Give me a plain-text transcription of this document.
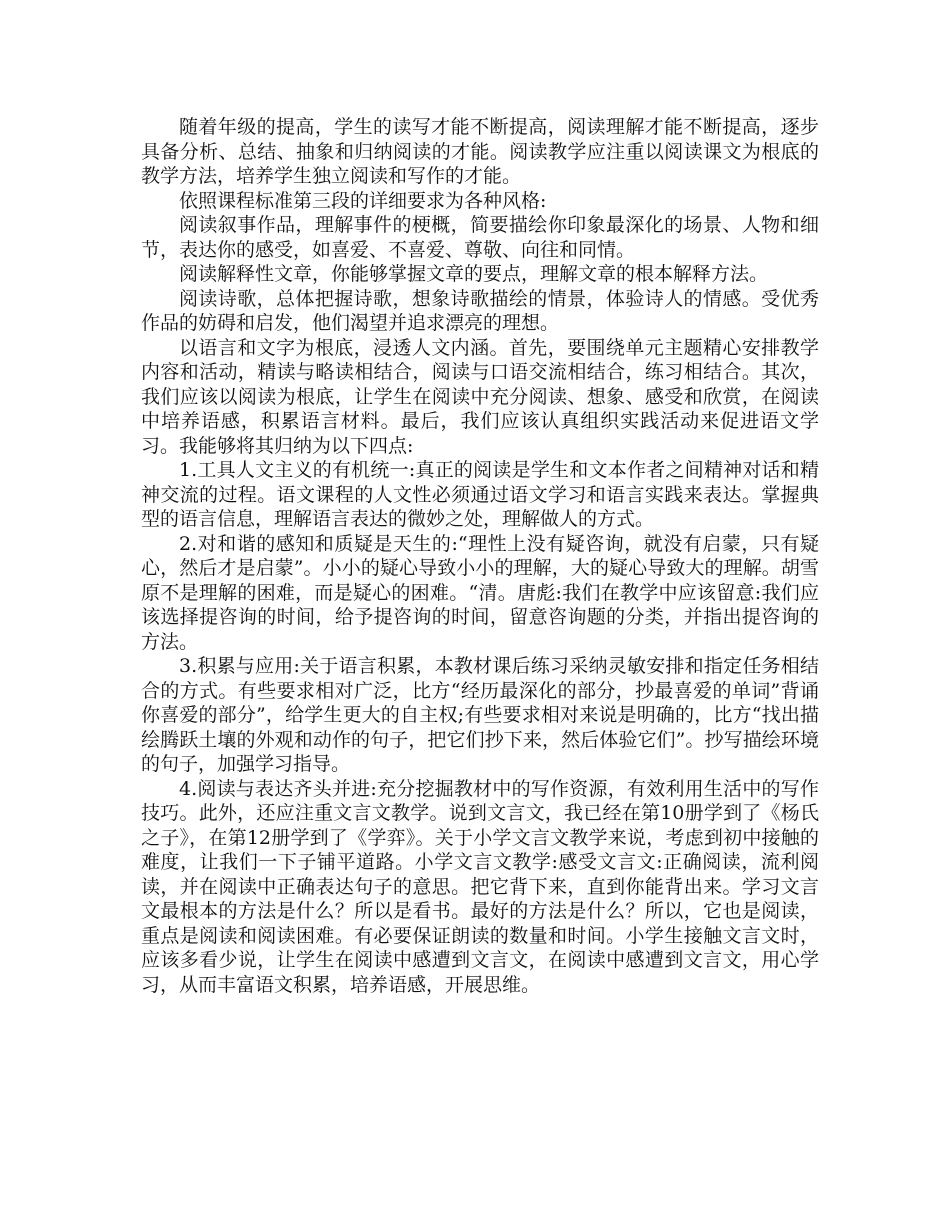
随着年级的提高，学生的读写才能不断提高，阅读理解才能不断提高，逐步具备分析、总结、抽象和归纳阅读的才能。阅读教学应注重以阅读课文为根底的教学方法，培养学生独立阅读和写作的才能。

依照课程标准第三段的详细要求为各种风格:

阅读叙事作品，理解事件的梗概，简要描绘你印象最深化的场景、人物和细节，表达你的感受，如喜爱、不喜爱、尊敬、向往和同情。

阅读解释性文章，你能够掌握文章的要点，理解文章的根本解释方法。

阅读诗歌，总体把握诗歌，想象诗歌描绘的情景，体验诗人的情感。受优秀作品的妨碍和启发，他们渴望并追求漂亮的理想。

以语言和文字为根底，浸透人文内涵。首先，要围绕单元主题精心安排教学内容和活动，精读与略读相结合，阅读与口语交流相结合，练习相结合。其次，我们应该以阅读为根底，让学生在阅读中充分阅读、想象、感受和欣赏，在阅读中培养语感，积累语言材料。最后，我们应该认真组织实践活动来促进语文学习。我能够将其归纳为以下四点:

1.工具人文主义的有机统一:真正的阅读是学生和文本作者之间精神对话和精神交流的过程。语文课程的人文性必须通过语文学习和语言实践来表达。掌握典型的语言信息，理解语言表达的微妙之处，理解做人的方式。

2.对和谐的感知和质疑是天生的:“理性上没有疑咨询，就没有启蒙，只有疑心，然后才是启蒙”。小小的疑心导致小小的理解，大的疑心导致大的理解。胡雪原不是理解的困难，而是疑心的困难。“清。唐彪:我们在教学中应该留意:我们应该选择提咨询的时间，给予提咨询的时间，留意咨询题的分类，并指出提咨询的方法。

3.积累与应用:关于语言积累，本教材课后练习采纳灵敏安排和指定任务相结合的方式。有些要求相对广泛，比方“经历最深化的部分，抄最喜爱的单词”背诵你喜爱的部分”，给学生更大的自主权;有些要求相对来说是明确的，比方“找出描绘腾跃土壤的外观和动作的句子，把它们抄下来，然后体验它们”。抄写描绘环境的句子，加强学习指导。

4.阅读与表达齐头并进:充分挖掘教材中的写作资源，有效利用生活中的写作技巧。此外，还应注重文言文教学。说到文言文，我已经在第10册学到了《杨氏之子》，在第12册学到了《学弈》。关于小学文言文教学来说，考虑到初中接触的难度，让我们一下子铺平道路。小学文言文教学:感受文言文:正确阅读，流利阅读，并在阅读中正确表达句子的意思。把它背下来，直到你能背出来。学习文言文最根本的方法是什么？所以是看书。最好的方法是什么？所以，它也是阅读，重点是阅读和阅读困难。有必要保证朗读的数量和时间。小学生接触文言文时，应该多看少说，让学生在阅读中感遭到文言文，在阅读中感遭到文言文，用心学习，从而丰富语文积累，培养语感，开展思维。
